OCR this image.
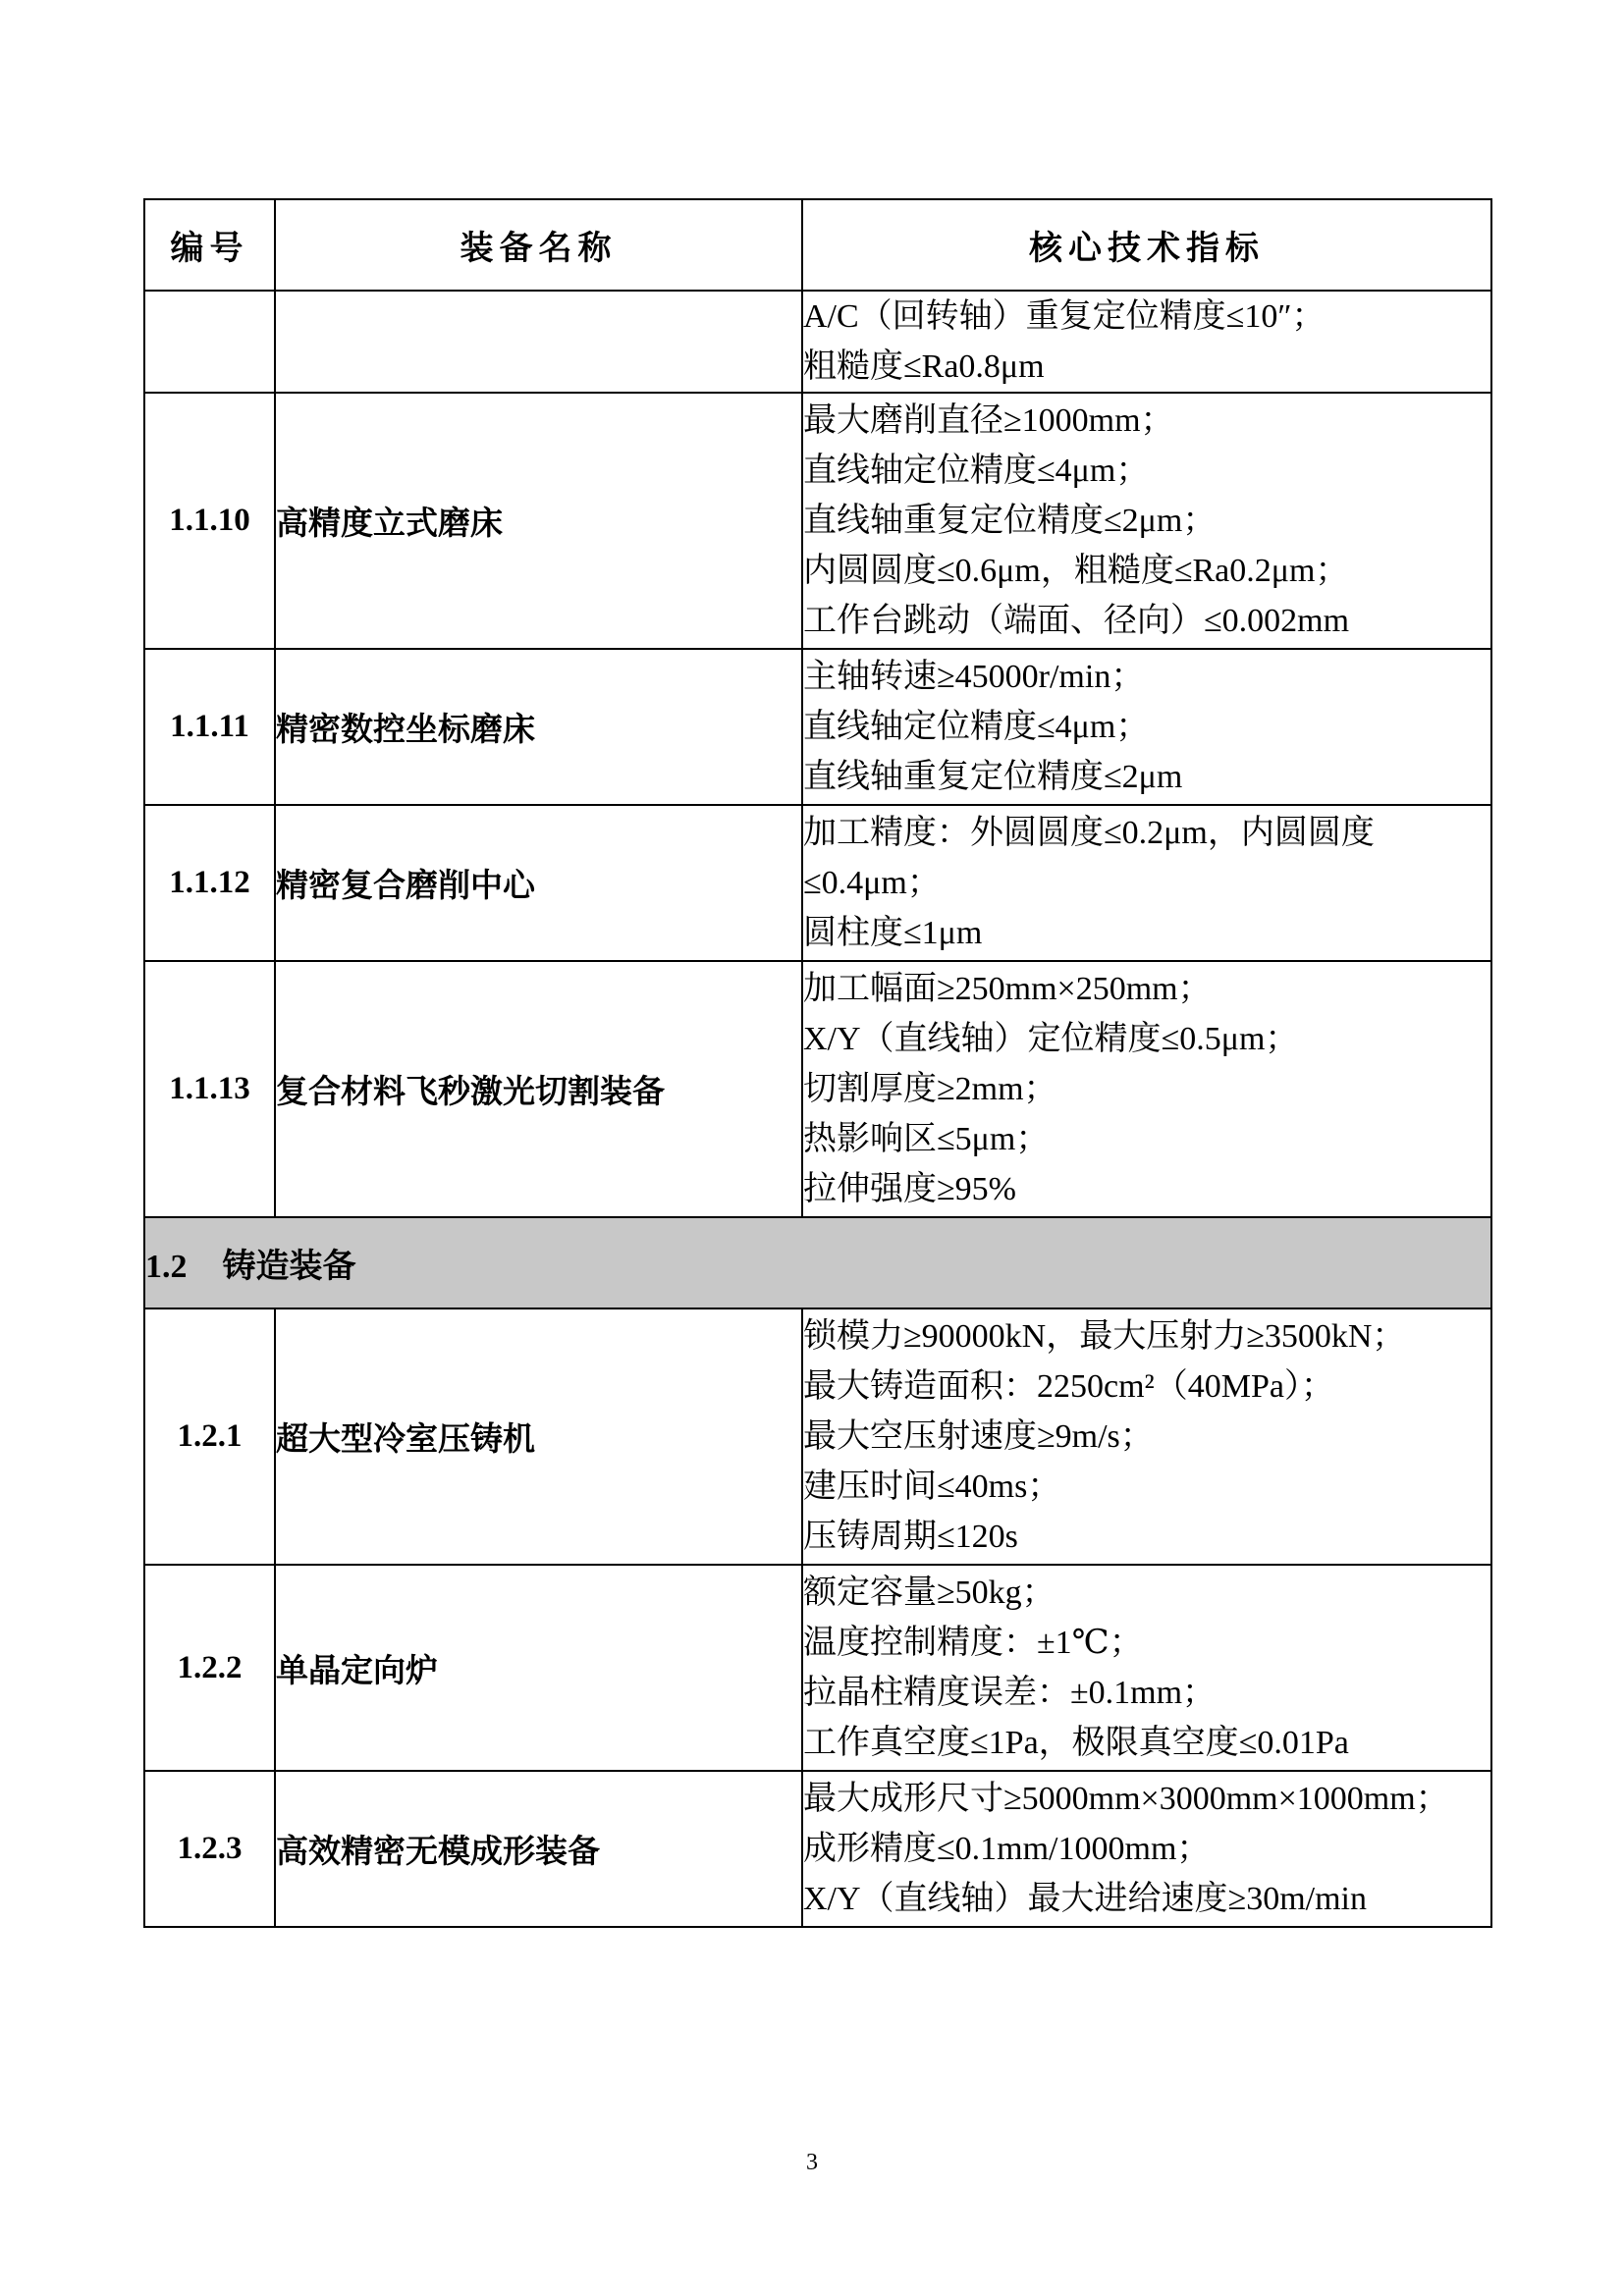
编号	装备名称	核心技术指标

		A/C（回转轴）重复定位精度≤10″；
粗糙度≤Ra0.8μm

1.1.10	高精度立式磨床	最大磨削直径≥1000mm；
直线轴定位精度≤4μm；
直线轴重复定位精度≤2μm；
内圆圆度≤0.6μm，粗糙度≤Ra0.2μm；
工作台跳动（端面、径向）≤0.002mm

1.1.11	精密数控坐标磨床	主轴转速≥45000r/min；
直线轴定位精度≤4μm；
直线轴重复定位精度≤2μm

1.1.12	精密复合磨削中心	加工精度：外圆圆度≤0.2μm，内圆圆度
≤0.4μm；
圆柱度≤1μm

1.1.13	复合材料飞秒激光切割装备	加工幅面≥250mm×250mm；
X/Y（直线轴）定位精度≤0.5μm；
切割厚度≥2mm；
热影响区≤5μm；
拉伸强度≥95%

1.2 铸造装备		
1.2.1	超大型冷室压铸机	锁模力≥90000kN，最大压射力≥3500kN；
最大铸造面积：2250cm²（40MPa）；
最大空压射速度≥9m/s；
建压时间≤40ms；
压铸周期≤120s

1.2.2	单晶定向炉	额定容量≥50kg；
温度控制精度：±1℃；
拉晶柱精度误差：±0.1mm；
工作真空度≤1Pa，极限真空度≤0.01Pa

1.2.3	高效精密无模成形装备	最大成形尺寸≥5000mm×3000mm×1000mm；
成形精度≤0.1mm/1000mm；
X/Y（直线轴）最大进给速度≥30m/min
3
